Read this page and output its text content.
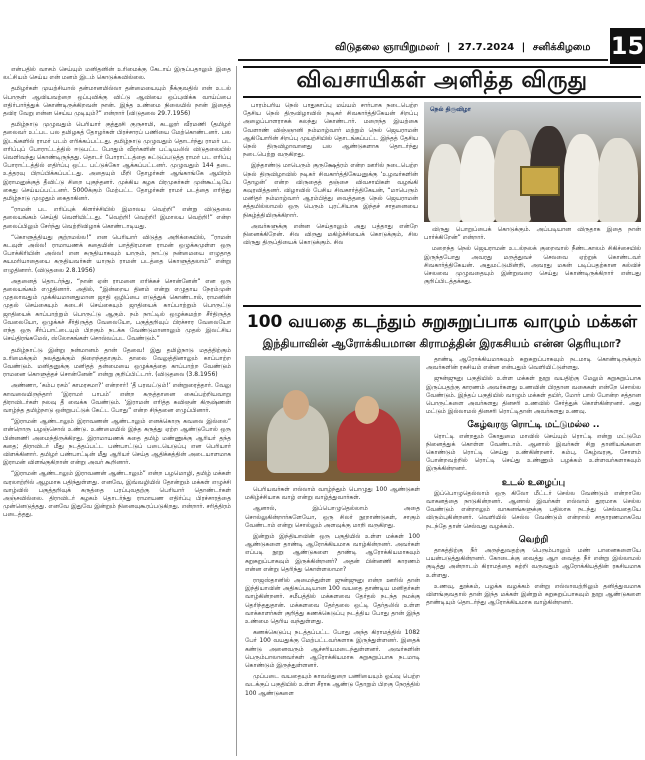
விடுதலை ஞாயிறுமலர் | 27.7.2024 | சனிக்கிழமை 15

என்பதில் வாசம் செய்யும் மனிதனின் உரிமைக்கு கேடாய் இருப்பதாலும் இதை லட்சியம் செய்ய என் மனம் இடம் கொடுக்கவில்லை.

தமிழர்கள் முயற்சியால் தன்மானமில்லா தன்மையையும் நீக்குவதில் என் உடல் பொருள் ஆவியவற்றை ஒப்புவிக்கு விட்டு ஆவியை ஒப்புவிக்க வாய்ப்பை எதிர்பார்த்துக் கொண்டிருக்கிறவன் நான். இந்த உண்மை நிலையில் நான் இதைத் தவிர வேறு என்ன செய்ய முடியும்?” என்றார் (விடுதலை 29.7.1956)

தமிழ்நாடு முழுவதும் பெரியார் குத்தூசி குருசாமி, கடலூர் வீரமணி (தமிழர் தலைவர் உட்பட பல தமிழகத் தோழர்கள் பிரச்சாரப் பணியை மேற்கொண்டனர். பல இடங்களில் ராமர் படம் எரிக்கப்பட்டது. தமிழ்நாடு முழுவதும் தொடர்ந்து ராமர் பட எரிப்புப் போராட்டத்தில் ஈடுபட்ட போதும் வீரர்களின் பட்டியலில் விடுதலையில் வெளிவந்து கொண்டிருந்தது. தொடர் போராட்டத்தை சுட்டுப்படுத்த ராமர் பட எரிப்பு போராட்டத்தில் எதிர்ப்பு ஒட்ட பட்டுக்கோ ஆக்கப்பட்டனர். முழுவதும் 144 தடை உத்தரவு பிறப்பிக்கப்பட்டது. அதையும் மீறி தோழர்கள் ஆங்காங்கே ஆயிரம் இராமனுக்குத் தீவிட்டு சிறை புகுந்தனர். முக்கிய கழக பிரமுகர்கள் முன்கூட்டியே கைது செய்யப்பட்டனர். 5000க்கும் மேற்பட்ட தோழர்கள் ராமர் படத்தை எரித்து தமிழ்நாடு முழுதும் கைதாகினர்.

“ராமன் பட எரிப்புக் கிளர்ச்சியில் இமாலய வெற்றி” என்று விடுதலை தலையங்கம் செய்தி வெளியிட்டது. “வெற்றி! வெற்றி! இமாலய வெற்றி!” என்ற தலைப்பிலும் சேர்ந்து வெற்றிவிழாக் கொண்டாடியது.

“கொளுத்தியது குற்றமல்ல!” என பெரியார் விடுத்த அறிக்கையில், “ராமன் கடவுள் அல்ல! ராமாயணக் கதையின் பாத்திரமான ராமன் ஒழுக்கமுள்ள ஒரு போக்கிரியின் அல்ல! என சுருதியாகவும் யாரும், நாட்டு நன்மையை எழுதாத சுயமரியாதையை கருதியவர்கள் யாரும் ராமன் படத்தை கொளுத்தலாம்” என்று எழுதினார். (விடுதலை 2.8.1956)

அதனைத் தொடர்ந்து, “நான் ஏன் ராமனை எரிக்கச் சொன்னேன்” என ஒரு தலையங்கம் எழுதினார். அதில், “இன்றைய தினம் என்று எழுதாய நேரம்முன் முதலாவதும் முக்கியமானதுமான ஜாதி ஒழிப்பை எடுத்துக் கொண்டால், ராமனின் முதல் செய்கையும் கடைசி செய்கையும் ஜாதியைக் காப்பாற்றும் பொருட்டு ஜாதியைக் காப்பாற்றும் பொருட்டு ஆகும். நம் நாட்டில் ஒழுக்கமற்ற சீர்திருத்த வேலையோ, ஒழுக்கச் சீர்திருத்த வேலையோ, பகுத்தறிவுப் பிரச்சார வேலையோ எந்த ஒரு சீர்ப்பாட்டையும் பிறகும் நடக்க வேண்டுமானாலும் முதல் இலட்சிய செய்திரங்கமேல், ஸ்லோகங்கள் சொல்லப்பட வேண்டும்.”

தமிழ்நாட்டு இன்று நன்மானம் தான் தேவை! இது தமிழ்நாடு மதத்திற்கும் உரிமைக்கும் நலத்துக்கும் நிறைந்ததாகும். தாலை வேலுத்தினாலும் காப்பாற்ற வேண்டும். மனிதனுக்கு மனிதத் தன்மையை ஒழுக்கத்தை காப்பாற்ற வேண்டும் ராமனை கொளுத்தச் சொன்னேன்” என்று குறிப்பிட்டார். (விடுதலை (3.8.1956)

அண்ணா, ‘கம்ப ரசம்’ காமரசமா?’ என்றார்! ‘தீ பரவட்டும்!’ என்றுரைத்தார். வேலு காவலையிருந்தார் ‘இராமர் பாபம்’ என்ற கருத்தானை கைப்பற்றியவாறு திராவிடர்கள் நலவு தீ வைக்க வேண்டும். ‘இராமன் எரித்த கவிஞன் கிருஷ்ணன் வாழ்ந்த தமிழ்நாடு ஒன்றுபட்டுக் கேட்ட போது” என்ற சிந்தனை எழுப்பினார்.

“இராமன் ஆண்டாலும் இராவணன் ஆண்டாலும் எனக்கொரு கவலை இல்லை” என்றொரு பழஞ்சொல் உண்டு. உண்மையில் இந்த கருத்து ஏற்ற ஆண்டுபோல் ஒரு பின்னணி அமைந்திருக்கிறது. இராமாயணக் கதை தமிழ் மண்ணுக்கு ஆரியர் தந்த கதை; திராவிடர் மீது நடத்தப்பட்ட பண்பாட்டுப் படையெடுப்பு என பெரியார் விளக்கினார். தமிழர் பண்பாட்டின் மீது ஆரியர் செய்த ஆதிக்கத்தின் அடையாளமாக இராமன் விளங்குகிறான் என்று அவர் கூறினார்.

“இராமன் ஆண்டாலும் இராவணன் ஆண்டாலும்” என்ற பழமொழி, தமிழ் மக்கள் வரலாற்றில் ஆழமாக பதிந்துள்ளது. எனவே, இவ்வழியில் தோன்றும் மக்கள் எழுச்சி வாழ்வில் பகுத்தறிவுக் கருத்தை பரப்புவதற்கு பெரியார் தொண்டர்கள் அஞ்சவில்லை. திராவிடர் கழகம் தொடர்ந்து ராமாயண எதிர்ப்பு பிரச்சாரத்தை முன்னெடுத்தது. எனவே இதுவே இன்றும் நினைவுகூரப்படுகிறது. என்றார். சரித்திரம் படைத்தது.

விவசாயிகள் அளித்த விருது

பாரம்பரிய நெல் பாதுகாப்பு மய்யம் சார்பாக நடைபெற்ற தேசிய நெல் திருவிழாவில் நடிகர் சிவகார்த்திகேயன் சிறப்பு அழைப்பாளராகக் கலந்து கொண்டார். மறைந்த இயற்கை வேளாண் விஞ்ஞானி நம்மாழ்வார் மற்றும் நெல் ஜெயராமன் ஆகியோரின் சிறப்பு முயற்சியில் தொடங்கப்பட்ட இந்தத் தேசிய நெல் திருவிழாவானது பல ஆண்டுகளாக தொடர்ந்து நடைபெற்று வருகிறது.

இந்தாண்டு மாபெரும் குருக்ஷேத்ரம் என்ற ஊரில் நடைபெற்ற நெல் திருவிழாவில் நடிகர் சிவகார்த்திகேயனுக்கு ‘உழவர்களின் தோழன்’ என்ற விருதைத் தஞ்சை விவசாயிகள் வழங்கி கவுரவித்தனர். விழாவில் பேசிய சிவகார்த்திகேயன், “மாபெரும் மனிதர் நம்மாழ்வார் ஆரம்பித்து வைத்ததை நெல் ஜெயராமன் சத்தமில்லாமல் ஒரு பெரும் புரட்சியாக இந்தச் சாதனையை நிகழ்த்தியிருக்கிறார்.

அவர்களுக்கு என்ன செய்தாலும் அது பத்தாது என்றே நினைக்கிறேன். சில விருது மகிழ்ச்சியைக் கொடுக்கும், சில விருது திருப்தியைக் கொடுக்கும். சில

நெல் திருவிழா

விருது பொறுப்பைக் கொடுக்கும். அப்படியான விருதாக இதை நான் பார்க்கிறேன்” என்றார்.

மறைந்த நெல் ஜெயராமன் உடல்நலக் குறைவால் நீண்டகாலம் சிகிச்சையில் இருந்தபோது அவரது மருத்துவச் செலவை ஏற்றுக் கொண்டவர் சிவகார்த்திகேயன். அதுமட்டுமின்றி, அவரது மகன் படிப்பதற்கான கல்விச் செலவை முழுவதையும் இன்றுவரை செய்து கொண்டிருக்கிறார் என்பது குறிப்பிடத்தக்கது.

100 வயதை கடந்தும் சுறுசுறுப்பாக வாழும் மக்கள்
இந்தியாவின் ஆரோக்கியமான கிராமத்தின் இரகசியம் என்ன தெரியுமா?

பெரியவர்கள் எல்லாம் வாழ்ந்தும் பொழுது 100 ஆண்டுகள் மகிழ்ச்சியாக வாழ் என்று வாழ்த்துவார்கள்.

ஆனால், இப்பொழுதெல்லாம் அதை சொல்லுகின்றார்களேயோ, ஒரு சிலர் நூறாண்டுகள், சாகும் வேண்டாம் என்று சொல்லும் அளவுக்கு மாறி வருகிறது.

இன்றும் இந்தியாவின் ஒரு பகுதியில் உள்ள மக்கள் 100 ஆண்டுகளை தாண்டி ஆரோக்கியமாக வாழ்கின்றனர். அவர்கள் எப்படி நூறு ஆண்டுகளை தாண்டி ஆரோக்கியமாகவும் சுறுசுறுப்பாகவும் இருக்கின்றனர்? அதன் பின்னணி காரணம் என்ன என்று தெரிந்து கொள்ளலாமா?

ராஜஸ்தானில் அமைந்துள்ள ஜுன்ஜுனு என்ற ஊரில் தான் இந்தியாவின் அதிகப்படியான 100 வயதை தாண்டிய மனிதர்கள் வாழ்கின்றனர். சமீபத்தில் மக்களவை தேர்தல் நடந்த நமக்கு தெரிந்ததுதான். மக்களவை தேர்தலை ஒட்டி தேர்தலில் உள்ள வாக்காளர்கள் குறித்து கணக்கெடுப்பு நடத்திய போது தான் இந்த உண்மை தெரிய வந்துள்ளது.

கணக்கெடுப்பு நடத்தப்பட்ட போது அந்த கிராமத்தில் 1082 பேர் 100 வயதுக்கு மேற்பட்டவர்களாக இருந்துள்ளனர். இதைக் கண்டு அனைவரும் ஆச்சரியமடைந்துள்ளனர். அவர்களின் பெரும்பாலானவர்கள் ஆரோக்கியமாக சுறுசுறுப்பாக நடமாடி கொண்டும் இருந்துள்ளனர்.

முப்படை வயதையும் காவல்துறை பணியையும் ஓய்வு பெற்ற வடக்குப் பகுதியில் உள்ள சீராக ஆண்டு தோறும் பிறகு நேரத்தில் 100 ஆண்டுகளை

தாண்டி ஆரோக்கியமாகவும் சுறுசுறுப்பாகவும் நடமாடி கொண்டிருக்கும் அவர்களின் ரகசியம் என்ன என்பதும் வெளியிட்டுள்ளது.

ஜுன்ஜுனு பகுதியில் உள்ள மக்கள் நூறு வயதிற்கு மேலும் சுறுசுறுப்பாக இருப்பதற்கு காரணம் அவர்களது உணவின் பிரதான வகைகள் என்றே சொல்ல வேண்டும். இந்தப் பகுதியில் வாழும் மக்கள் தயிர், மோர் பால் போன்ற சத்தான பொருட்களை அவர்களது தினசரி உணவில் சேர்த்துக் கொள்கின்றனர். அது மட்டும் இல்லாமல் தினசரி ரொட்டிதான் அவர்களது உணவு.

கேழ்வரகு ரொட்டி மட்டுமல்ல ..

ரொட்டி என்றதும் கோதுமை மாவில் செய்யும் ரொட்டி என்று மட்டுமே நினைத்துக் கொள்ள வேண்டாம். ஆனால் இவர்கள் சிறு தானியங்களை கொண்டும் ரொட்டி செய்து உண்கின்றனர். கம்பு, கேழ்வரகு, சோளம் போன்றவற்றில் ரொட்டி செய்து உண்ணும் பழக்கம் உள்ளவர்களாகவும் இருக்கின்றனர்.

உடல் உழைப்பு

இப்பொழுதெல்லாம் ஒரு கிலோ மீட்டர் செல்ல வேண்டும் என்றாலே வாகனத்தை நாடுகின்றனர். ஆனால் இவர்கள் எல்லாம் தூரமாக செல்ல வேண்டும் என்றாலும் வாகனங்களுக்கு பதிலாக நடந்து செல்வதையே விரும்புகின்றனர். வெளியில் செல்ல வேண்டும் என்றால் சாதாரணமாகவே நடந்தே தான் செல்வது வழக்கம்.

வெற்றி

தாகத்திற்கு நீர் அருந்துவதற்கு பெரும்பாலும் மண் பானைகளையே பயன்படுத்துகின்றனர். கோடைக்கு வைத்து ஆற வைத்த நீர் என்று இல்லாமல் குடித்து அன்றாடம் கிராமத்தை சுற்றி வருவதும் ஆரோக்கியத்தின் ரகசியமாக உள்ளது.

உணவு, தூக்கம், பழக்க வழக்கம் என்று எல்லாவற்றிலும் தனித்துவமாக விளங்குவதால் தான் இந்த மக்கள் இன்றும் சுறுசுறுப்பாகவும் நூறு ஆண்டுகளை தாண்டியும் தொடர்ந்து ஆரோக்கியமாக வாழ்கின்றனர்.
